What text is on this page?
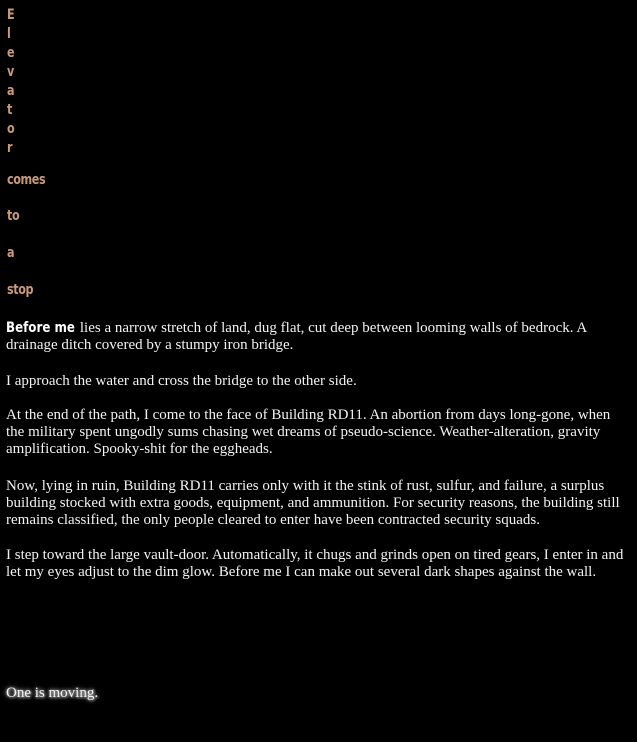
E
l
e
v
a
t
o
r
comes
to
a
stop

Before me lies a narrow stretch of land, dug flat, cut deep between looming walls of bedrock. A drainage ditch covered by a stumpy iron bridge.

I approach the water and cross the bridge to the other side.

At the end of the path, I come to the face of Building RD11. An abortion from days long-gone, when the military spent ungodly sums chasing wet dreams of pseudo-science. Weather-alteration, gravity amplification. Spooky-shit for the eggheads.

Now, lying in ruin, Building RD11 carries only with it the stink of rust, sulfur, and failure, a surplus building stocked with extra goods, equipment, and ammunition. For security reasons, the building still remains classified, the only people cleared to enter have been contracted security squads.

I step toward the large vault-door. Automatically, it chugs and grinds open on tired gears, I enter in and let my eyes adjust to the dim glow. Before me I can make out several dark shapes against the wall.

One is moving.
